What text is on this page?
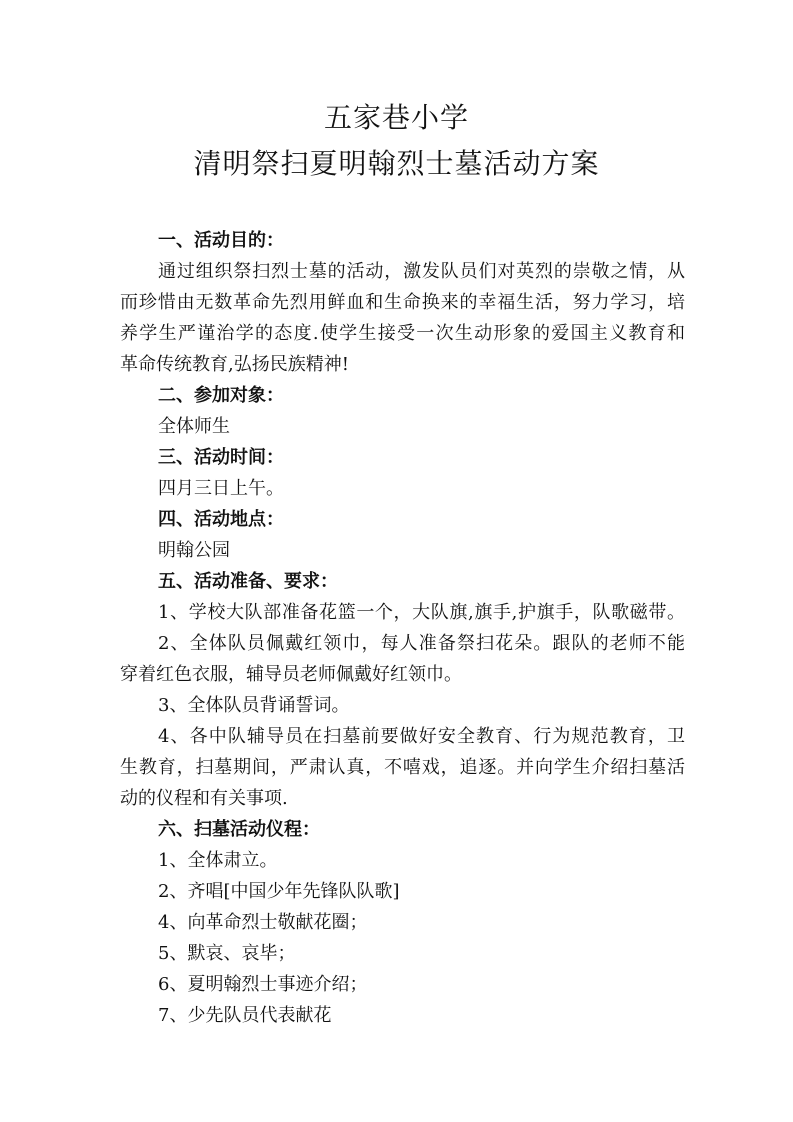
五家巷小学
清明祭扫夏明翰烈士墓活动方案
一、活动目的：
通过组织祭扫烈士墓的活动，激发队员们对英烈的崇敬之情，从
而珍惜由无数革命先烈用鲜血和生命换来的幸福生活，努力学习，培
养学生严谨治学的态度.使学生接受一次生动形象的爱国主义教育和
革命传统教育,弘扬民族精神!
二、参加对象：
全体师生
三、活动时间：
四月三日上午。
四、活动地点：
明翰公园
五、活动准备、要求：
1、学校大队部准备花篮一个，大队旗,旗手,护旗手，队歌磁带。
2、全体队员佩戴红领巾，每人准备祭扫花朵。跟队的老师不能
穿着红色衣服，辅导员老师佩戴好红领巾。
3、全体队员背诵誓词。
4、各中队辅导员在扫墓前要做好安全教育、行为规范教育，卫
生教育，扫墓期间，严肃认真，不嘻戏，追逐。并向学生介绍扫墓活
动的仪程和有关事项.
六、扫墓活动仪程：
1、全体肃立。
2、齐唱[中国少年先锋队队歌]
4、向革命烈士敬献花圈；
5、默哀、哀毕；
6、夏明翰烈士事迹介绍；
7、少先队员代表献花
